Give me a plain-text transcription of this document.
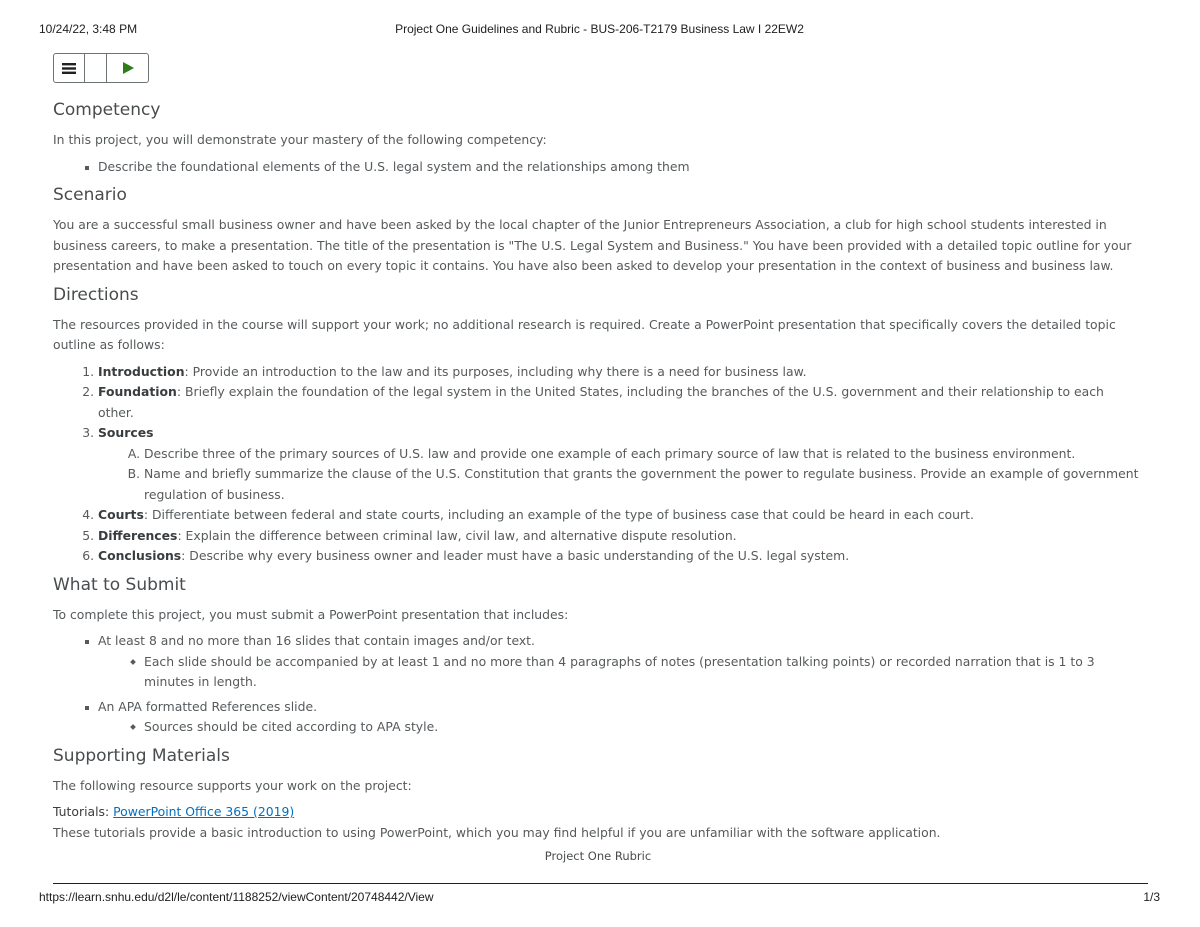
10/24/22, 3:48 PM	Project One Guidelines and Rubric - BUS-206-T2179 Business Law I 22EW2
Competency

In this project, you will demonstrate your mastery of the following competency:

Describe the foundational elements of the U.S. legal system and the relationships among them
Scenario

You are a successful small business owner and have been asked by the local chapter of the Junior Entrepreneurs Association, a club for high school students interested in business careers, to make a presentation. The title of the presentation is "The U.S. Legal System and Business." You have been provided with a detailed topic outline for your presentation and have been asked to touch on every topic it contains. You have also been asked to develop your presentation in the context of business and business law.

Directions

The resources provided in the course will support your work; no additional research is required. Create a PowerPoint presentation that specifically covers the detailed topic outline as follows:

1. Introduction: Provide an introduction to the law and its purposes, including why there is a need for business law.
2. Foundation: Briefly explain the foundation of the legal system in the United States, including the branches of the U.S. government and their relationship to each other.
3. Sources
A. Describe three of the primary sources of U.S. law and provide one example of each primary source of law that is related to the business environment.
B. Name and briefly summarize the clause of the U.S. Constitution that grants the government the power to regulate business. Provide an example of government regulation of business.
4. Courts: Differentiate between federal and state courts, including an example of the type of business case that could be heard in each court.
5. Differences: Explain the difference between criminal law, civil law, and alternative dispute resolution.
6. Conclusions: Describe why every business owner and leader must have a basic understanding of the U.S. legal system.
What to Submit

To complete this project, you must submit a PowerPoint presentation that includes:

At least 8 and no more than 16 slides that contain images and/or text.
Each slide should be accompanied by at least 1 and no more than 4 paragraphs of notes (presentation talking points) or recorded narration that is 1 to 3 minutes in length.
An APA formatted References slide.
Sources should be cited according to APA style.
Supporting Materials

The following resource supports your work on the project:

Tutorials: PowerPoint Office 365 (2019)

These tutorials provide a basic introduction to using PowerPoint, which you may find helpful if you are unfamiliar with the software application.

Project One Rubric
https://learn.snhu.edu/d2l/le/content/1188252/viewContent/20748442/View	1/3
